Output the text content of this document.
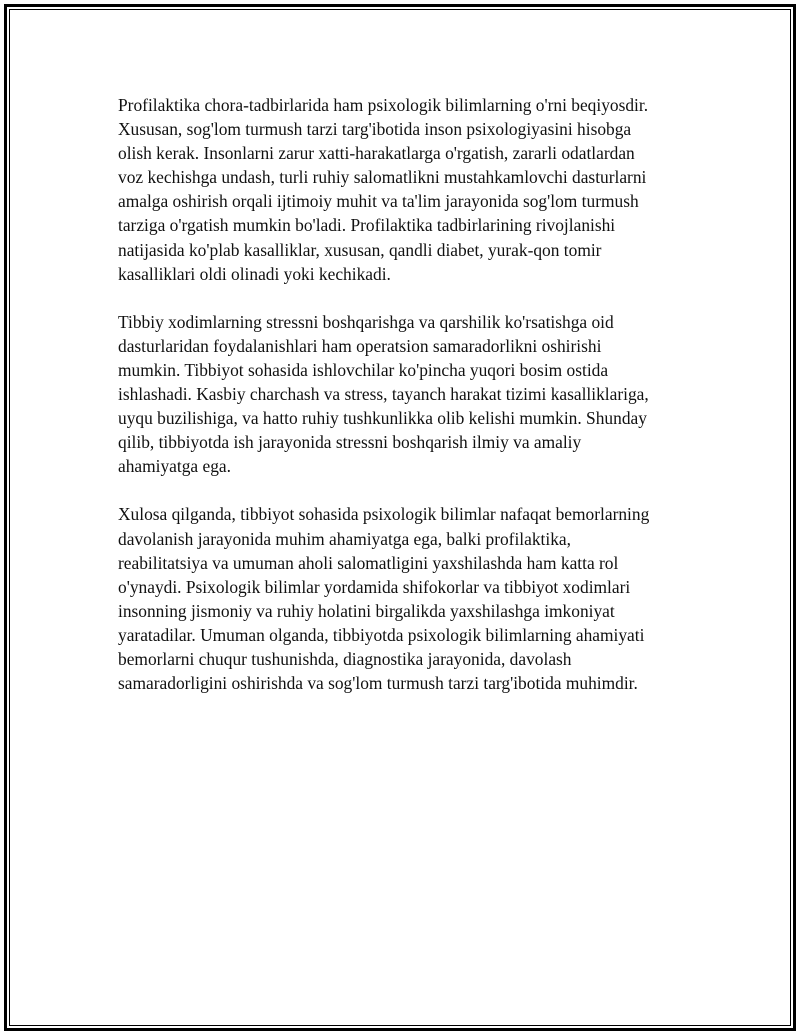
Profilaktika chora-tadbirlarida ham psixologik bilimlarning o'rni beqiyosdir.
Xususan, sog'lom turmush tarzi targ'ibotida inson psixologiyasini hisobga
olish kerak. Insonlarni zarur xatti-harakatlarga o'rgatish, zararli odatlardan
voz kechishga undash, turli ruhiy salomatlikni mustahkamlovchi dasturlarni
amalga oshirish orqali ijtimoiy muhit va ta'lim jarayonida sog'lom turmush
tarziga o'rgatish mumkin bo'ladi. Profilaktika tadbirlarining rivojlanishi
natijasida ko'plab kasalliklar, xususan, qandli diabet, yurak-qon tomir
kasalliklari oldi olinadi yoki kechikadi.

Tibbiy xodimlarning stressni boshqarishga va qarshilik ko'rsatishga oid
dasturlaridan foydalanishlari ham operatsion samaradorlikni oshirishi
mumkin. Tibbiyot sohasida ishlovchilar ko'pincha yuqori bosim ostida
ishlashadi. Kasbiy charchash va stress, tayanch harakat tizimi kasalliklariga,
uyqu buzilishiga, va hatto ruhiy tushkunlikka olib kelishi mumkin. Shunday
qilib, tibbiyotda ish jarayonida stressni boshqarish ilmiy va amaliy
ahamiyatga ega.

Xulosa qilganda, tibbiyot sohasida psixologik bilimlar nafaqat bemorlarning
davolanish jarayonida muhim ahamiyatga ega, balki profilaktika,
reabilitatsiya va umuman aholi salomatligini yaxshilashda ham katta rol
o'ynaydi. Psixologik bilimlar yordamida shifokorlar va tibbiyot xodimlari
insonning jismoniy va ruhiy holatini birgalikda yaxshilashga imkoniyat
yaratadilar. Umuman olganda, tibbiyotda psixologik bilimlarning ahamiyati
bemorlarni chuqur tushunishda, diagnostika jarayonida, davolash
samaradorligini oshirishda va sog'lom turmush tarzi targ'ibotida muhimdir.
